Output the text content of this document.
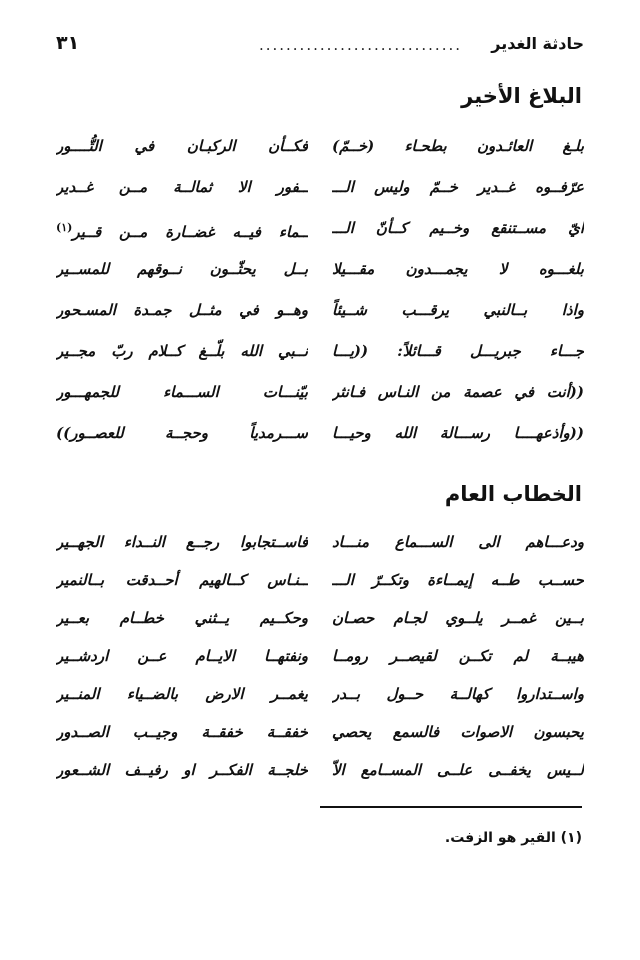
حادثة الغدير
..............................
٣١
البلاغ الأخير
بلـغ العائـدون بطحـاء (خــمّ)
فكــأن الركبـان في التُّــــور
عرّفــوه غــدير خــمّ وليس الـــ
ــفور الا ثمالــة مــن غــدير
ايّ مســتنقع وخــيم كــأنّ الـــ
ــماء فيــه غضــارة مــن قــير$^{(١)}$
بلغـــوه لا يجمـــدون مقـــيلا
بــل يحثّــون نــوقهم للمســير
واذا بــالنبي يرقـــب شــيئاً
وهــو في مثــل جمـدة المسـحور
جـــاء جبريـــل قـــائلاً: ((يـــا
نــبي الله بلّــغ كــلام ربّ مجــير
((أنت في عصمة من النـاس فـانثر
بيّنـــات الســـماء للجمهـــور
((وأذعهــــا رســـالة الله وحيـــا
ســـرمدياً وحجــة للعصــور))
الخطاب العام
ودعـــاهم الى الســـماع منـــاد
فاســتجابوا رجــع النــداء الجهــير
حســب طــه إيمــاءة وتكــرّ الـــ
ــنـاس كــالهيم أحــدقت بــالنمير
بــين غمــر يلــوي لجـام حصـان
وحكــيم يــثني خطــام بعــير
هيبــة لم تكــن لقيصــر رومــا
ونفتهــا الايــام عــن اردشــير
واســتداروا كهالــة حــول بــدر
يغمــر الارض بالضــياء المنــير
يحبسون الاصوات فالسمع يحصي
خفقــة خفقــة وجيــب الصــدور
لــيس يخفــى علــى المســامع الاّ
خلجــة الفكــر او رفيــف الشــعور
(١) القير هو الزفت.
